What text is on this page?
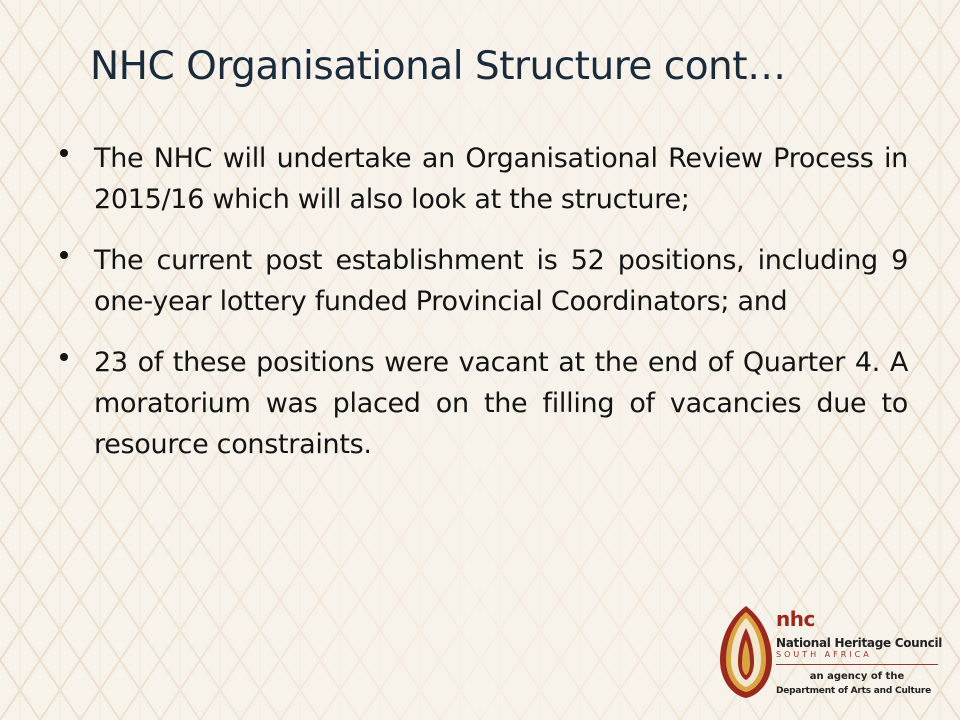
NHC Organisational Structure cont…
The NHC will undertake an Organisational Review Process in 2015/16 which will also look at the structure;
The current post establishment is 52 positions, including 9 one-year lottery funded Provincial Coordinators; and
23 of these positions were vacant at the end of Quarter 4. A moratorium was placed on the filling of vacancies due to resource constraints.
nhc
National Heritage Council
SOUTH AFRICA
an agency of the
Department of Arts and Culture
